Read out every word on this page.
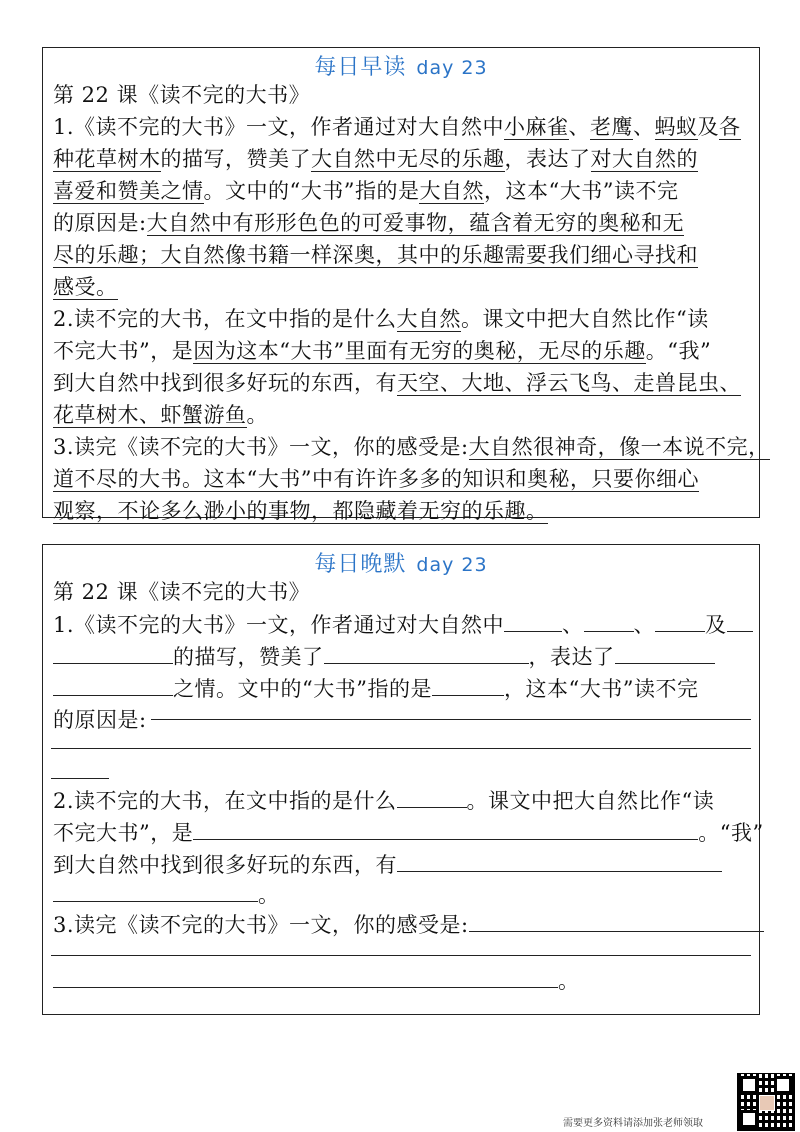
每日早读 day 23
第 22 课《读不完的大书》
1.《读不完的大书》一文，作者通过对大自然中小麻雀、老鹰、蚂蚁及各
种花草树木的描写，赞美了大自然中无尽的乐趣，表达了对大自然的
喜爱和赞美之情。文中的“大书”指的是大自然，这本“大书”读不完
的原因是:大自然中有形形色色的可爱事物，蕴含着无穷的奥秘和无
尽的乐趣；大自然像书籍一样深奥，其中的乐趣需要我们细心寻找和
感受。
2.读不完的大书，在文中指的是什么大自然。课文中把大自然比作“读
不完大书”，是因为这本“大书”里面有无穷的奥秘，无尽的乐趣。“我”
到大自然中找到很多好玩的东西，有天空、大地、浮云飞鸟、走兽昆虫、
花草树木、虾蟹游鱼。
3.读完《读不完的大书》一文，你的感受是:大自然很神奇，像一本说不完，
道不尽的大书。这本“大书”中有许许多多的知识和奥秘，只要你细心
观察，不论多么渺小的事物，都隐藏着无穷的乐趣。
每日晚默 day 23
第 22 课《读不完的大书》
1.《读不完的大书》一文，作者通过对大自然中	、 、 及
的描写，赞美了	，表达了
之情。文中的“大书”指的是	，这本“大书”读不完
的原因是:
2.读不完的大书，在文中指的是什么	。课文中把大自然比作“读
不完大书”，是	。“我”
到大自然中找到很多好玩的东西，有
。
3.读完《读不完的大书》一文，你的感受是:
。
需要更多资料请添加张老师领取
